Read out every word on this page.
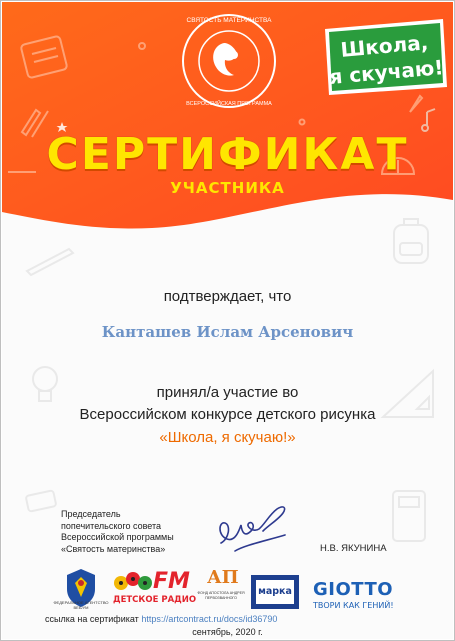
СВЯТОСТЬ МАТЕРИНСТВА
ВСЕРОССИЙСКАЯ ПРОГРАММА
Школа,
я скучаю!
СЕРТИФИКАТ
УЧАСТНИКА
подтверждает, что
Канташев Ислам Арсенович
принял/а участие во
Всероссийском конкурсе детского рисунка
«Школа, я скучаю!»
Председатель
попечительского совета
Всероссийской программы
«Святость материнства»	Н.В. ЯКУНИНА
ФЕДЕРАЛЬНОЕ АГЕНТСТВО ВЕБ/УМ
FM
ДЕТСКОЕ РАДИО
АП
ФОНД АПОСТОЛА АНДРЕЯ ПЕРВОЗВАННОГО
марка GIOTTO
ТВОРИ КАК ГЕНИЙ!
ссылка на сертификат https://artcontract.ru/docs/id36790
сентябрь, 2020 г.
